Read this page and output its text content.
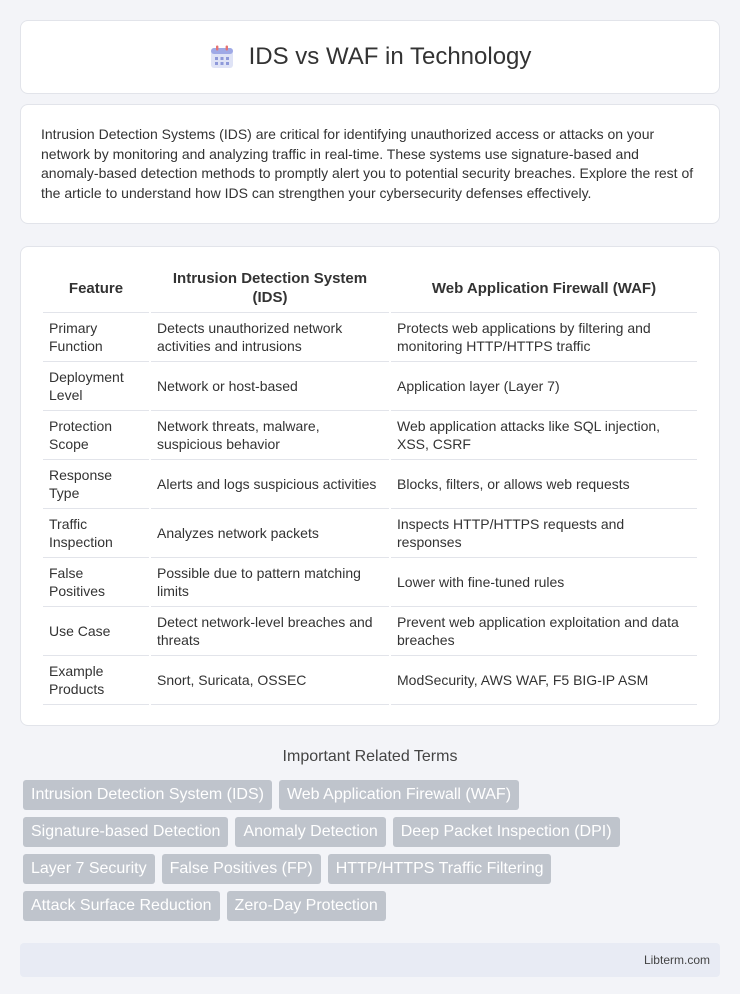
IDS vs WAF in Technology

Intrusion Detection Systems (IDS) are critical for identifying unauthorized access or attacks on your network by monitoring and analyzing traffic in real-time. These systems use signature-based and anomaly-based detection methods to promptly alert you to potential security breaches. Explore the rest of the article to understand how IDS can strengthen your cybersecurity defenses effectively.

Feature	Intrusion Detection System (IDS)	Web Application Firewall (WAF)
Primary Function	Detects unauthorized network activities and intrusions	Protects web applications by filtering and monitoring HTTP/HTTPS traffic
Deployment Level	Network or host-based	Application layer (Layer 7)
Protection Scope	Network threats, malware, suspicious behavior	Web application attacks like SQL injection, XSS, CSRF
Response Type	Alerts and logs suspicious activities	Blocks, filters, or allows web requests
Traffic Inspection	Analyzes network packets	Inspects HTTP/HTTPS requests and responses
False Positives	Possible due to pattern matching limits	Lower with fine-tuned rules
Use Case	Detect network-level breaches and threats	Prevent web application exploitation and data breaches
Example Products	Snort, Suricata, OSSEC	ModSecurity, AWS WAF, F5 BIG-IP ASM
Important Related Terms
Intrusion Detection System (IDS)	Web Application Firewall (WAF)
Signature-based Detection	Anomaly Detection	Deep Packet Inspection (DPI)
Layer 7 Security	False Positives (FP)	HTTP/HTTPS Traffic Filtering
Attack Surface Reduction	Zero-Day Protection
Libterm.com
